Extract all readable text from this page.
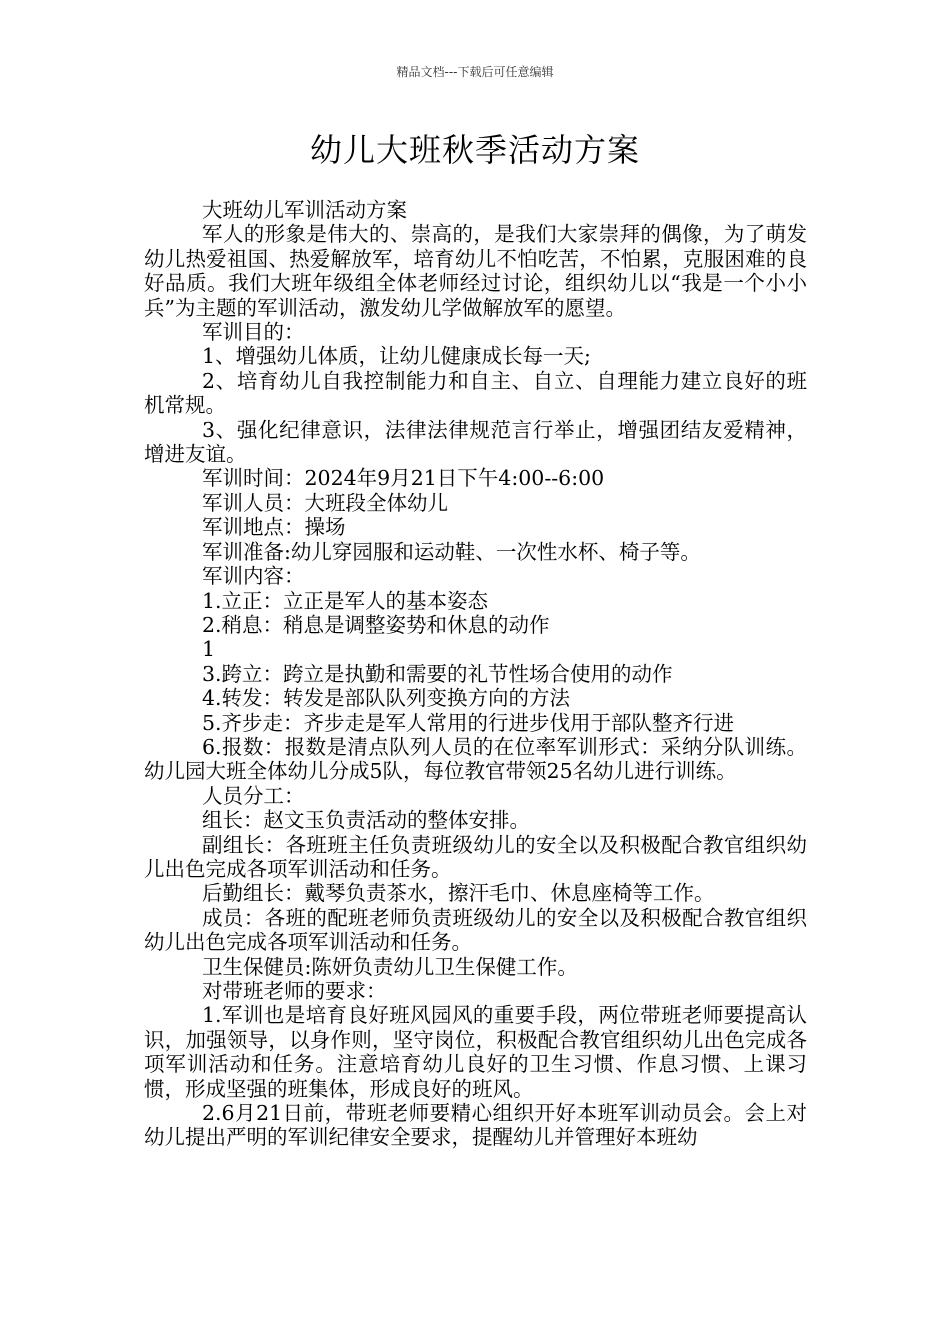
精品文档---下载后可任意编辑
幼儿大班秋季活动方案

大班幼儿军训活动方案

军人的形象是伟大的、崇高的，是我们大家崇拜的偶像，为了萌发幼儿热爱祖国、热爱解放军，培育幼儿不怕吃苦，不怕累，克服困难的良好品质。我们大班年级组全体老师经过讨论，组织幼儿以“我是一个小小兵”为主题的军训活动，激发幼儿学做解放军的愿望。

军训目的：

1、增强幼儿体质，让幼儿健康成长每一天;

2、培育幼儿自我控制能力和自主、自立、自理能力建立良好的班机常规。

3、强化纪律意识，法律法律规范言行举止，增强团结友爱精神，增进友谊。

军训时间：2024年9月21日下午4:00--6:00

军训人员：大班段全体幼儿

军训地点：操场

军训准备:幼儿穿园服和运动鞋、一次性水杯、椅子等。

军训内容：

1.立正：立正是军人的基本姿态

2.稍息：稍息是调整姿势和休息的动作

1

3.跨立：跨立是执勤和需要的礼节性场合使用的动作

4.转发：转发是部队队列变换方向的方法

5.齐步走：齐步走是军人常用的行进步伐用于部队整齐行进

6.报数：报数是清点队列人员的在位率军训形式：采纳分队训练。幼儿园大班全体幼儿分成5队，每位教官带领25名幼儿进行训练。

人员分工：

组长：赵文玉负责活动的整体安排。

副组长：各班班主任负责班级幼儿的安全以及积极配合教官组织幼儿出色完成各项军训活动和任务。

后勤组长：戴琴负责茶水，擦汗毛巾、休息座椅等工作。

成员：各班的配班老师负责班级幼儿的安全以及积极配合教官组织幼儿出色完成各项军训活动和任务。

卫生保健员:陈妍负责幼儿卫生保健工作。

对带班老师的要求：

1.军训也是培育良好班风园风的重要手段，两位带班老师要提高认识，加强领导，以身作则，坚守岗位，积极配合教官组织幼儿出色完成各项军训活动和任务。注意培育幼儿良好的卫生习惯、作息习惯、上课习惯，形成坚强的班集体，形成良好的班风。

2.6月21日前，带班老师要精心组织开好本班军训动员会。会上对幼儿提出严明的军训纪律安全要求，提醒幼儿并管理好本班幼
